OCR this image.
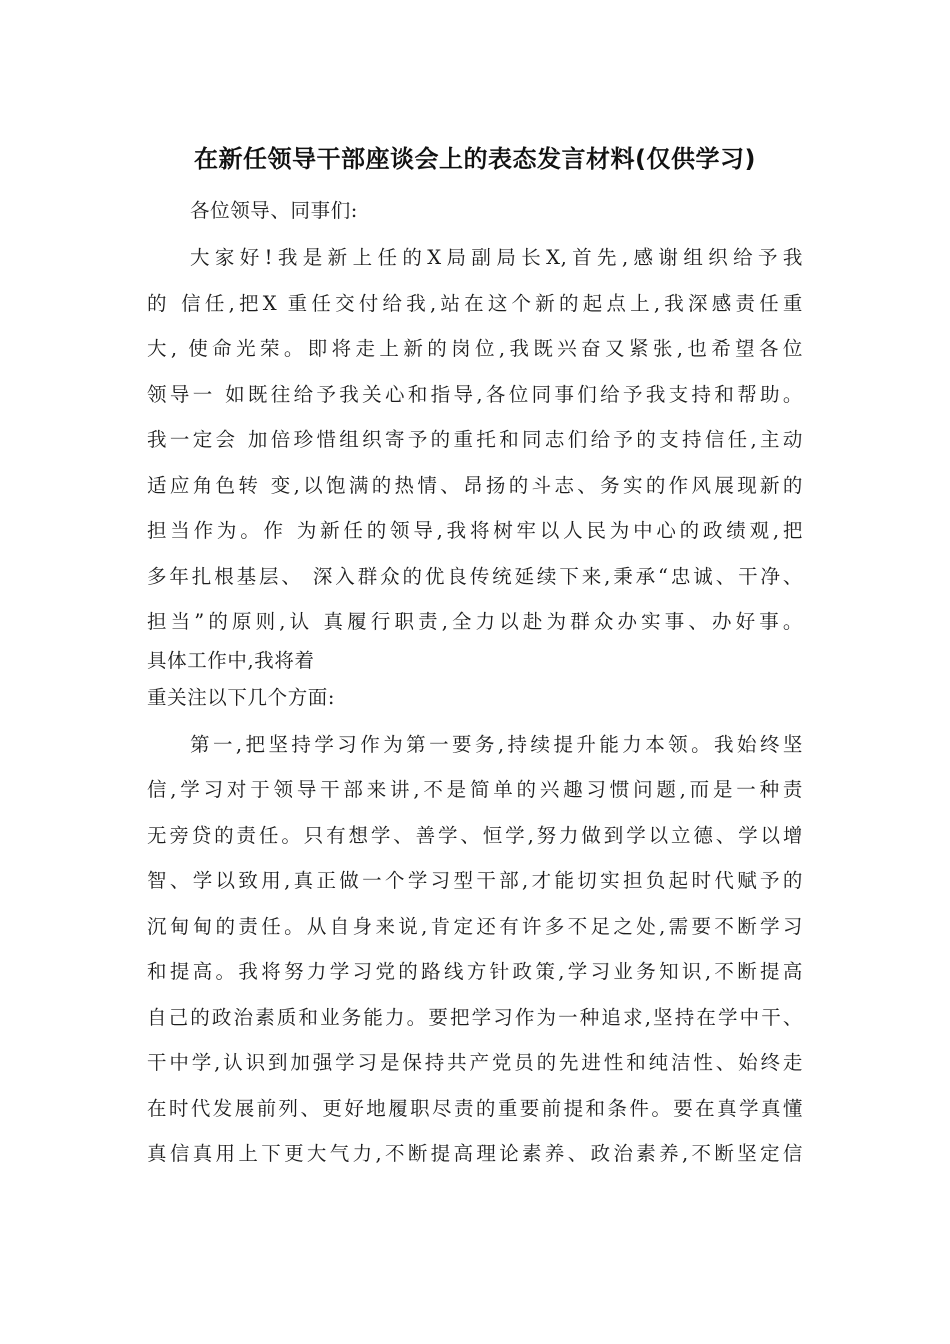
在新任领导干部座谈会上的表态发言材料(仅供学习)
各位领导、同事们:
大家好!我是新上任的X局副局长X,首先,感谢组织给予我
的 信任,把X 重任交付给我,站在这个新的起点上,我深感责任重
大, 使命光荣。即将走上新的岗位,我既兴奋又紧张,也希望各位
领导一 如既往给予我关心和指导,各位同事们给予我支持和帮助。
我一定会 加倍珍惜组织寄予的重托和同志们给予的支持信任,主动
适应角色转 变,以饱满的热情、昂扬的斗志、务实的作风展现新的
担当作为。作 为新任的领导,我将树牢以人民为中心的政绩观,把
多年扎根基层、 深入群众的优良传统延续下来,秉承“忠诚、干净、
担当”的原则,认 真履行职责,全力以赴为群众办实事、办好事。
具体工作中,我将着
重关注以下几个方面:
第一,把坚持学习作为第一要务,持续提升能力本领。我始终坚
信,学习对于领导干部来讲,不是简单的兴趣习惯问题,而是一种责
无旁贷的责任。只有想学、善学、恒学,努力做到学以立德、学以增
智、学以致用,真正做一个学习型干部,才能切实担负起时代赋予的
沉甸甸的责任。从自身来说,肯定还有许多不足之处,需要不断学习
和提高。我将努力学习党的路线方针政策,学习业务知识,不断提高
自己的政治素质和业务能力。要把学习作为一种追求,坚持在学中干、
干中学,认识到加强学习是保持共产党员的先进性和纯洁性、始终走
在时代发展前列、更好地履职尽责的重要前提和条件。要在真学真懂
真信真用上下更大气力,不断提高理论素养、政治素养,不断坚定信
